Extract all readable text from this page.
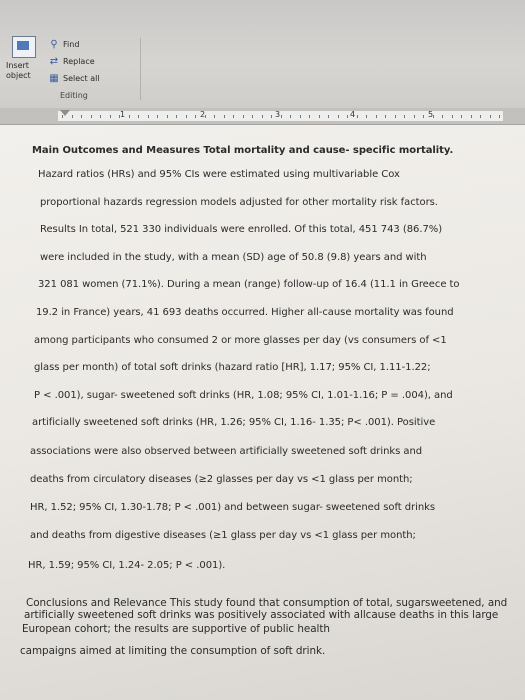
Insert object
⚲ Find
⇄ Replace
▦ Select all
Editing
1	2	3	4	5
Main Outcomes and Measures Total mortality and cause- specific mortality.
Hazard ratios (HRs) and 95% CIs were estimated using multivariable Cox
proportional hazards regression models adjusted for other mortality risk factors.
Results In total, 521 330 individuals were enrolled. Of this total, 451 743 (86.7%)
were included in the study, with a mean (SD) age of 50.8 (9.8) years and with
321 081 women (71.1%). During a mean (range) follow-up of 16.4 (11.1 in Greece to
19.2 in France) years, 41 693 deaths occurred. Higher all-cause mortality was found
among participants who consumed 2 or more glasses per day (vs consumers of <1
glass per month) of total soft drinks (hazard ratio [HR], 1.17; 95% CI, 1.11-1.22;
P < .001), sugar- sweetened soft drinks (HR, 1.08; 95% CI, 1.01-1.16; P = .004), and
artificially sweetened soft drinks (HR, 1.26; 95% CI, 1.16- 1.35; P< .001). Positive
associations were also observed between artificially sweetened soft drinks and
deaths from circulatory diseases (≥2 glasses per day vs <1 glass per month;
HR, 1.52; 95% CI, 1.30-1.78; P < .001) and between sugar- sweetened soft drinks
and deaths from digestive diseases (≥1 glass per day vs <1 glass per month;
HR, 1.59; 95% CI, 1.24- 2.05; P < .001).
Conclusions and Relevance This study found that consumption of total, sugarsweetened, and
artificially sweetened soft drinks was positively associated with allcause deaths in this large
European cohort; the results are supportive of public health
campaigns aimed at limiting the consumption of soft drink.
